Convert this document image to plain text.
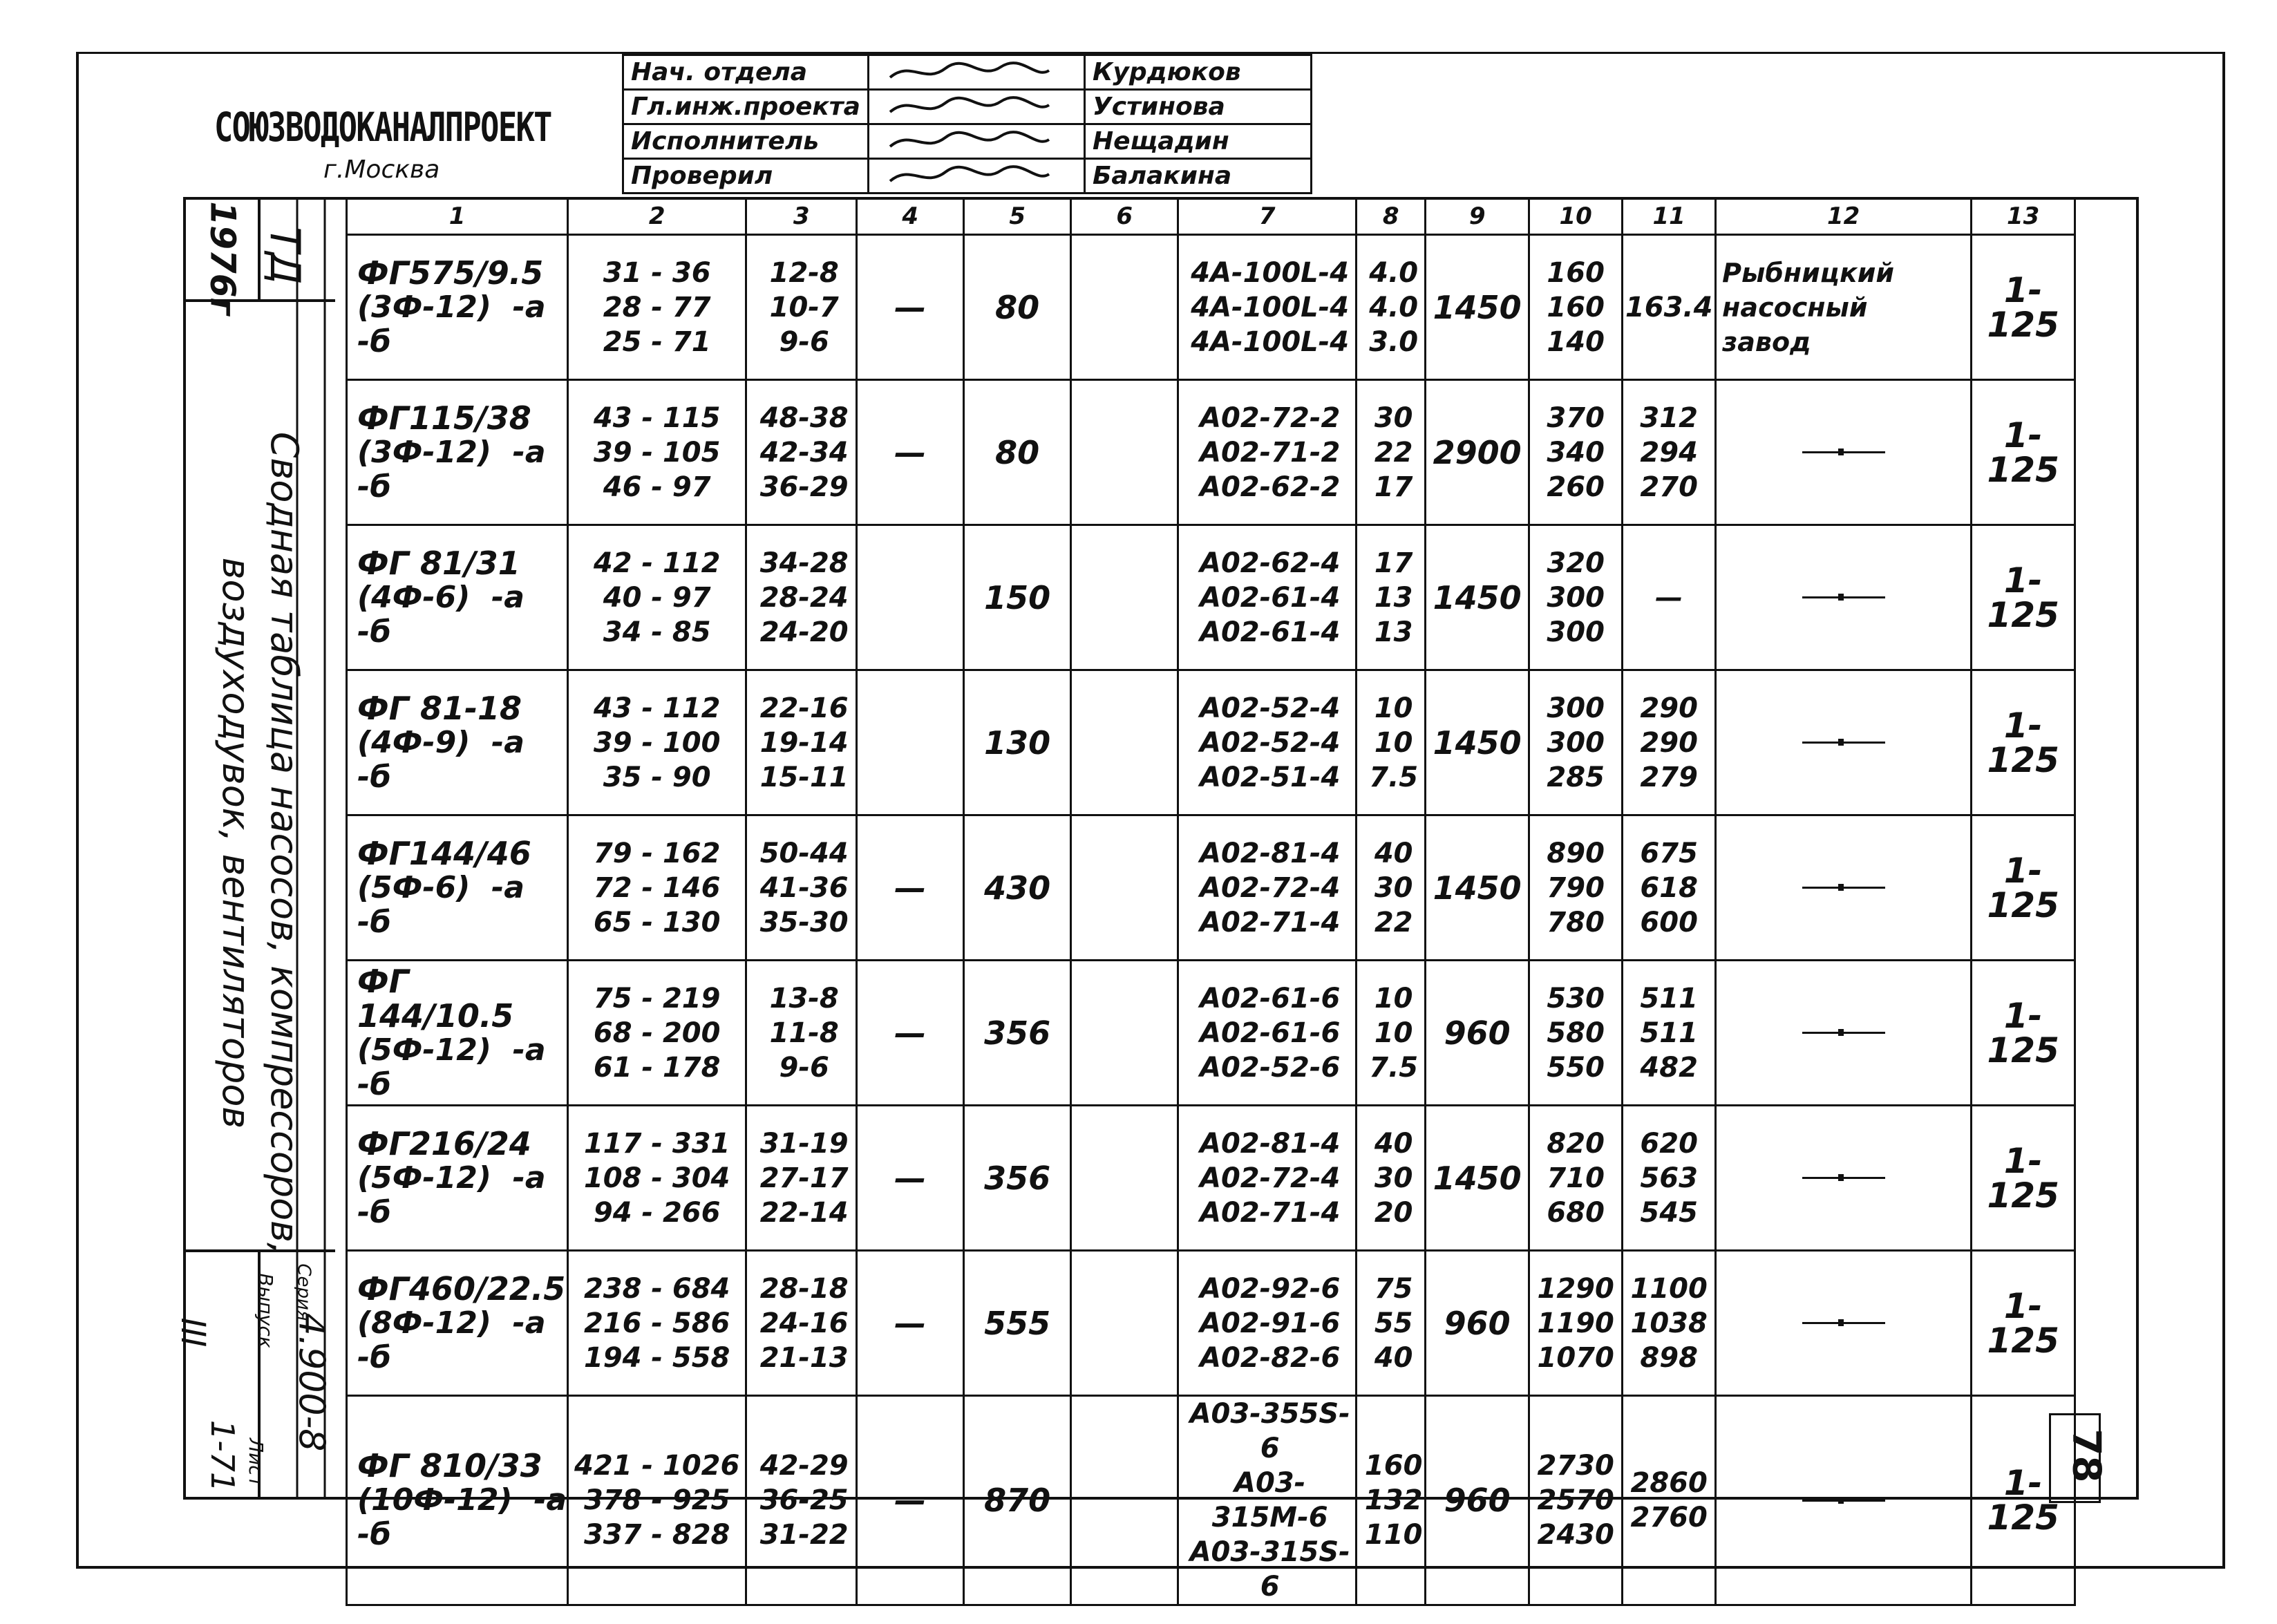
СОЮЗВОДОКАНАЛПРОЕКТ
г.Москва
Нач. отдела		Курдюков
Гл.инж.проекта		Устинова
Исполнитель		Нещадин
Проверил		Балакина
1976г ТД
Сводная таблица насосов, компрессоров, воздуходувок, вентиляторов
Серия
4.900-8
Выпуск
III
Лист
1-71
1	2	3	4	5	6	7	8	9	10	11	12	13

ФГ575/9.5
(3Ф-12) -а -б	31 - 36
28 - 77
25 - 71	12-8
10-7
9-6	—	80		4А-100L-4
4А-100L-4
4А-100L-4	4.0
4.0
3.0	1450	160
160
140	163.4	Рыбницкий насосный завод	1-125

ФГ115/38
(3Ф-12) -а -б	43 - 115
39 - 105
46 - 97	48-38
42-34
36-29	—	80		А02-72-2
А02-71-2
А02-62-2	30
22
17	2900	370
340
260	312
294
270		1-125

ФГ 81/31
(4Ф-6) -а -б	42 - 112
40 - 97
34 - 85	34-28
28-24
24-20		150		А02-62-4
А02-61-4
А02-61-4	17
13
13	1450	320
300
300	—		1-125

ФГ 81-18
(4Ф-9) -а -б	43 - 112
39 - 100
35 - 90	22-16
19-14
15-11		130		А02-52-4
А02-52-4
А02-51-4	10
10
7.5	1450	300
300
285	290
290
279		1-125

ФГ144/46
(5Ф-6) -а -б	79 - 162
72 - 146
65 - 130	50-44
41-36
35-30	—	430		А02-81-4
А02-72-4
А02-71-4	40
30
22	1450	890
790
780	675
618
600		1-125

ФГ 144/10.5
(5Ф-12) -а -б	75 - 219
68 - 200
61 - 178	13-8
11-8
9-6	—	356		А02-61-6
А02-61-6
А02-52-6	10
10
7.5	960	530
580
550	511
511
482		1-125

ФГ216/24
(5Ф-12) -а -б	117 - 331
108 - 304
94 - 266	31-19
27-17
22-14	—	356		А02-81-4
А02-72-4
А02-71-4	40
30
20	1450	820
710
680	620
563
545		1-125

ФГ460/22.5
(8Ф-12) -а -б	238 - 684
216 - 586
194 - 558	28-18
24-16
21-13	—	555		А02-92-6
А02-91-6
А02-82-6	75
55
40	960	1290
1190
1070	1100
1038
898		1-125

ФГ 810/33
(10Ф-12) -а -б	421 - 1026
378 - 925
337 - 828	42-29
36-25
31-22	—	870		А03-355S-6
А03-315М-6
А03-315S-6	160
132
110	960	2730
2570
2430	2860
2760		1-125
78
